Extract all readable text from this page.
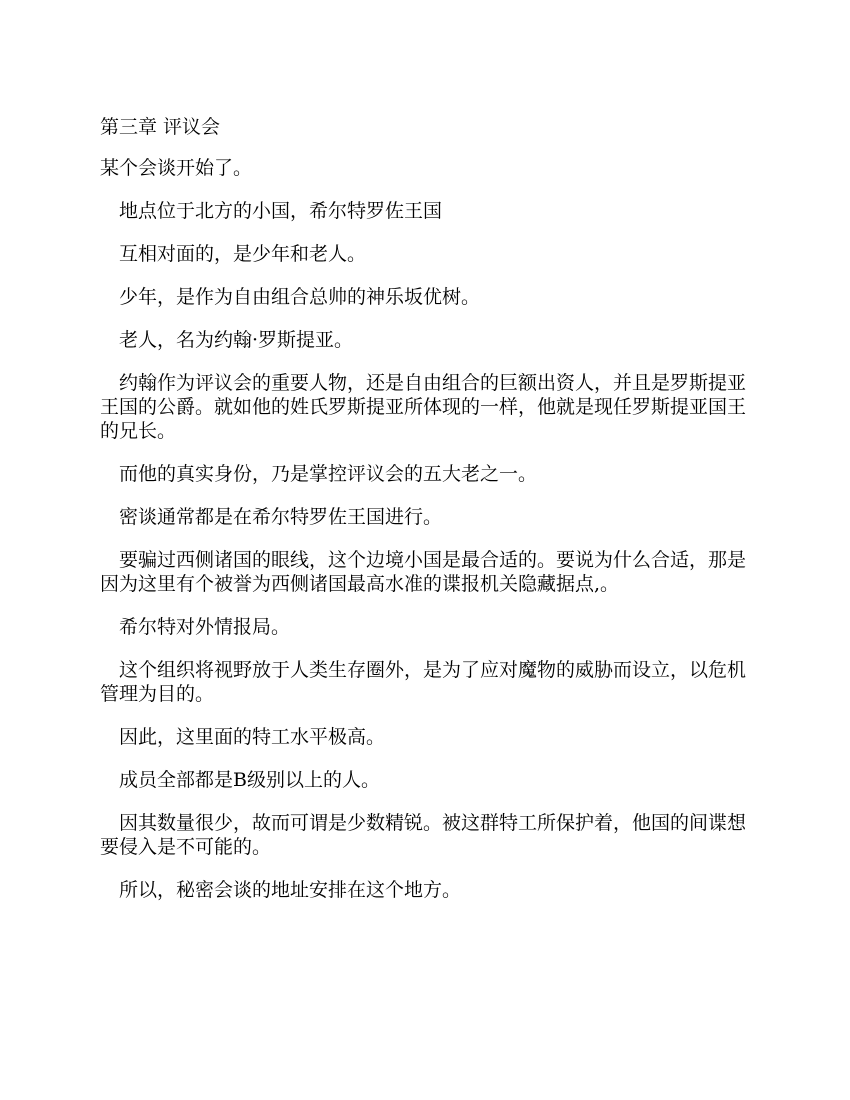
第三章 评议会

某个会谈开始了。

地点位于北方的小国，希尔特罗佐王国

互相对面的，是少年和老人。

少年，是作为自由组合总帅的神乐坂优树。

老人，名为约翰·罗斯提亚。

约翰作为评议会的重要人物，还是自由组合的巨额出资人，并且是罗斯提亚王国的公爵。就如他的姓氏罗斯提亚所体现的一样，他就是现任罗斯提亚国王的兄长。

而他的真实身份，乃是掌控评议会的五大老之一。

密谈通常都是在希尔特罗佐王国进行。

要骗过西侧诸国的眼线，这个边境小国是最合适的。要说为什么合适，那是因为这里有个被誉为西侧诸国最高水准的谍报机关隐藏据点,。

希尔特对外情报局。

这个组织将视野放于人类生存圈外，是为了应对魔物的威胁而设立，以危机管理为目的。

因此，这里面的特工水平极高。

成员全部都是B级别以上的人。

因其数量很少，故而可谓是少数精锐。被这群特工所保护着，他国的间谍想要侵入是不可能的。

所以，秘密会谈的地址安排在这个地方。
